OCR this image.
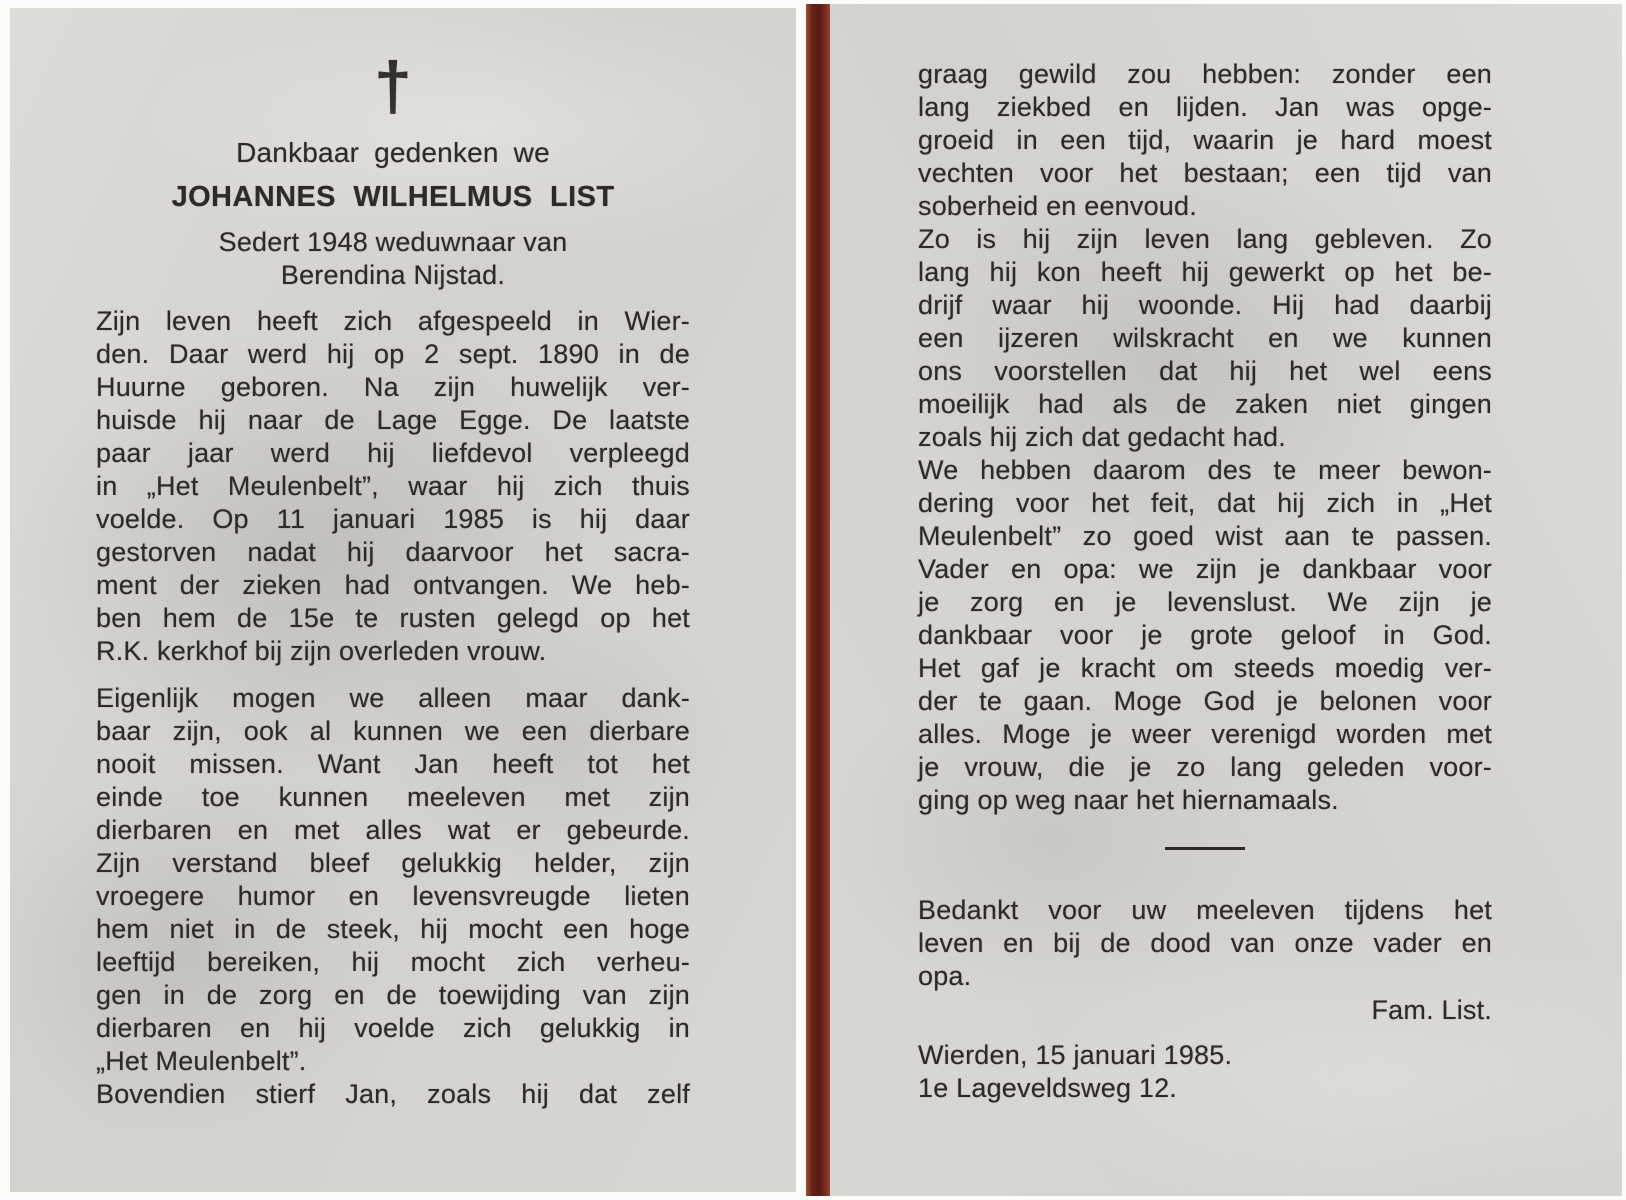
†
Dankbaar gedenken we
JOHANNES WILHELMUS LIST
Sedert 1948 weduwnaar van
Berendina Nijstad.
Zijn leven heeft zich afgespeeld in Wier-
den. Daar werd hij op 2 sept. 1890 in de
Huurne geboren. Na zijn huwelijk ver-
huisde hij naar de Lage Egge. De laatste
paar jaar werd hij liefdevol verpleegd
in „Het Meulenbelt”, waar hij zich thuis
voelde. Op 11 januari 1985 is hij daar
gestorven nadat hij daarvoor het sacra-
ment der zieken had ontvangen. We heb-
ben hem de 15e te rusten gelegd op het
R.K. kerkhof bij zijn overleden vrouw.
Eigenlijk mogen we alleen maar dank-
baar zijn, ook al kunnen we een dierbare
nooit missen. Want Jan heeft tot het
einde toe kunnen meeleven met zijn
dierbaren en met alles wat er gebeurde.
Zijn verstand bleef gelukkig helder, zijn
vroegere humor en levensvreugde lieten
hem niet in de steek, hij mocht een hoge
leeftijd bereiken, hij mocht zich verheu-
gen in de zorg en de toewijding van zijn
dierbaren en hij voelde zich gelukkig in
„Het Meulenbelt”.
Bovendien stierf Jan, zoals hij dat zelf
graag gewild zou hebben: zonder een
lang ziekbed en lijden. Jan was opge-
groeid in een tijd, waarin je hard moest
vechten voor het bestaan; een tijd van
soberheid en eenvoud.
Zo is hij zijn leven lang gebleven. Zo
lang hij kon heeft hij gewerkt op het be-
drijf waar hij woonde. Hij had daarbij
een ijzeren wilskracht en we kunnen
ons voorstellen dat hij het wel eens
moeilijk had als de zaken niet gingen
zoals hij zich dat gedacht had.
We hebben daarom des te meer bewon-
dering voor het feit, dat hij zich in „Het
Meulenbelt” zo goed wist aan te passen.
Vader en opa: we zijn je dankbaar voor
je zorg en je levenslust. We zijn je
dankbaar voor je grote geloof in God.
Het gaf je kracht om steeds moedig ver-
der te gaan. Moge God je belonen voor
alles. Moge je weer verenigd worden met
je vrouw, die je zo lang geleden voor-
ging op weg naar het hiernamaals.
Bedankt voor uw meeleven tijdens het
leven en bij de dood van onze vader en
opa.
Fam. List.
Wierden, 15 januari 1985.
1e Lageveldsweg 12.
